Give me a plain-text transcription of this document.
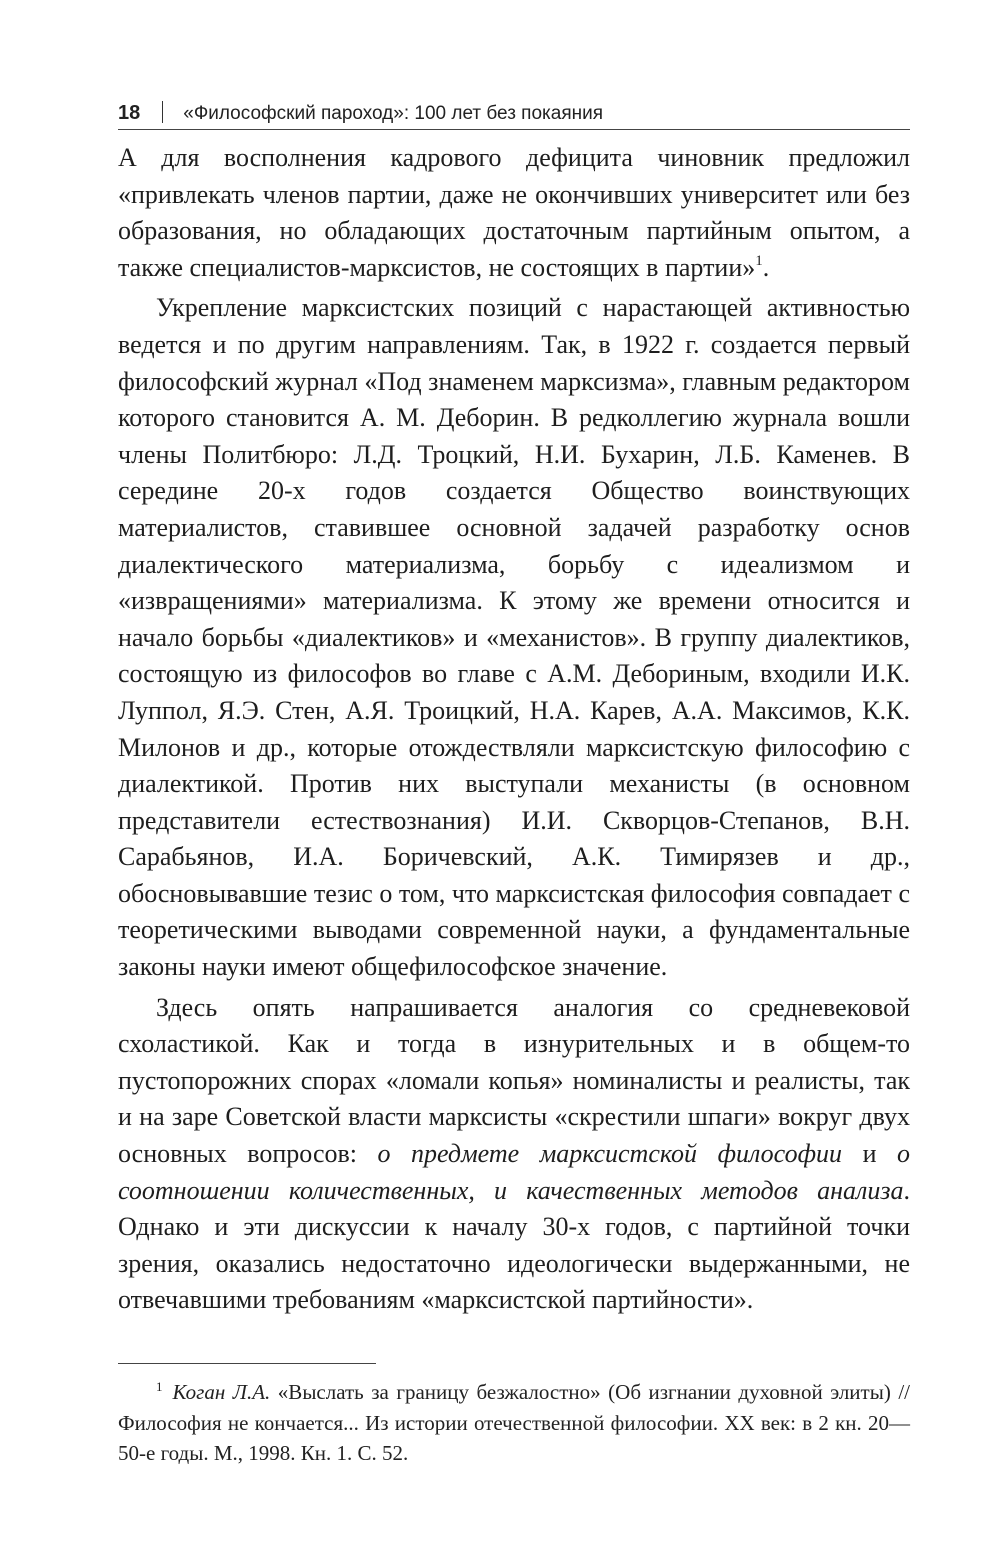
18 «Философский пароход»: 100 лет без покаяния

А для восполнения кадрового дефицита чиновник предложил «привлекать членов партии, даже не окончивших университет или без образования, но обладающих достаточным партийным опытом, а также специалистов-марксистов, не состоящих в партии»$^1$.

Укрепление марксистских позиций с нарастающей активностью ведется и по другим направлениям. Так, в 1922 г. создается первый философский журнал «Под знаменем марксизма», главным редактором которого становится А. М. Деборин. В редколлегию журнала вошли члены Политбюро: Л.Д. Троцкий, Н.И. Бухарин, Л.Б. Каменев. В середине 20-х годов создается Общество воинствующих материалистов, ставившее основной задачей разработку основ диалектического материализма, борьбу с идеализмом и «извращениями» материализма. К этому же времени относится и начало борьбы «диалектиков» и «механистов». В группу диалектиков, состоящую из философов во главе с А.М. Дебориным, входили И.К. Луппол, Я.Э. Стен, А.Я. Троицкий, Н.А. Карев, А.А. Максимов, К.К. Милонов и др., которые отождествляли марксистскую философию с диалектикой. Против них выступали механисты (в основном представители естествознания) И.И. Скворцов-Степанов, В.Н. Сарабьянов, И.А. Боричевский, А.К. Тимирязев и др., обосновывавшие тезис о том, что марксистская философия совпадает с теоретическими выводами современной науки, а фундаментальные законы науки имеют общефилософское значение.

Здесь опять напрашивается аналогия со средневековой схоластикой. Как и тогда в изнурительных и в общем-то пустопорожних спорах «ломали копья» номиналисты и реалисты, так и на заре Советской власти марксисты «скрестили шпаги» вокруг двух основных вопросов: о предмете марксистской философии и о соотношении количественных, и качественных методов анализа. Однако и эти дискуссии к началу 30-х годов, с партийной точки зрения, оказались недостаточно идеологически выдержанными, не отвечавшими требованиям «марксистской партийности».

$^1$ Коган Л.А. «Выслать за границу безжалостно» (Об изгнании духовной элиты) // Философия не кончается... Из истории отечественной философии. XX век: в 2 кн. 20—50-е годы. М., 1998. Кн. 1. С. 52.
